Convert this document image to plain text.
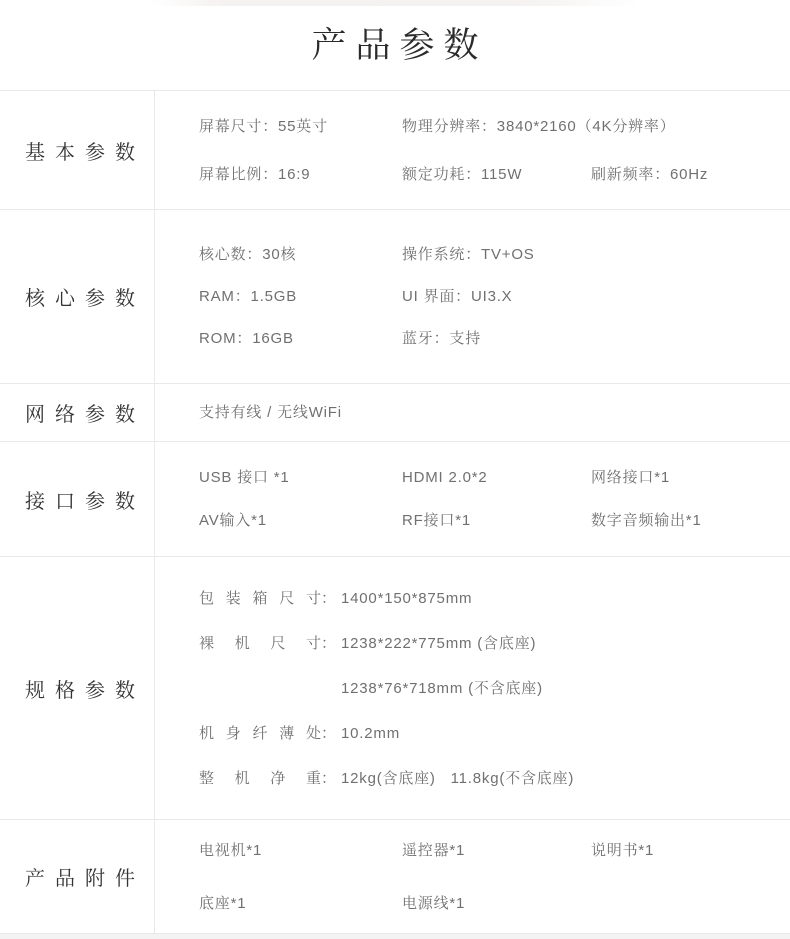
产品参数
基本参数
屏幕尺寸：55英寸	物理分辨率：3840*2160（4K分辨率）
屏幕比例：16:9	额定功耗：115W	刷新频率：60Hz
核心参数
核心数：30核	操作系统：TV+OS
RAM：1.5GB	UI 界面：UI3.X
ROM：16GB	蓝牙：支持
网络参数	支持有线 / 无线WiFi
接口参数
USB 接口 *1	HDMI 2.0*2	网络接口*1
AV输入*1	RF接口*1	数字音频输出*1
规格参数
包装箱尺寸 ： 1400*150*875mm
裸机尺寸 ： 1238*222*775mm (含底座)
1238*76*718mm (不含底座)
机身纤薄处 ： 10.2mm
整机净重 ： 12kg(含底座)   11.8kg(不含底座)
产品附件
电视机*1	遥控器*1	说明书*1
底座*1	电源线*1
